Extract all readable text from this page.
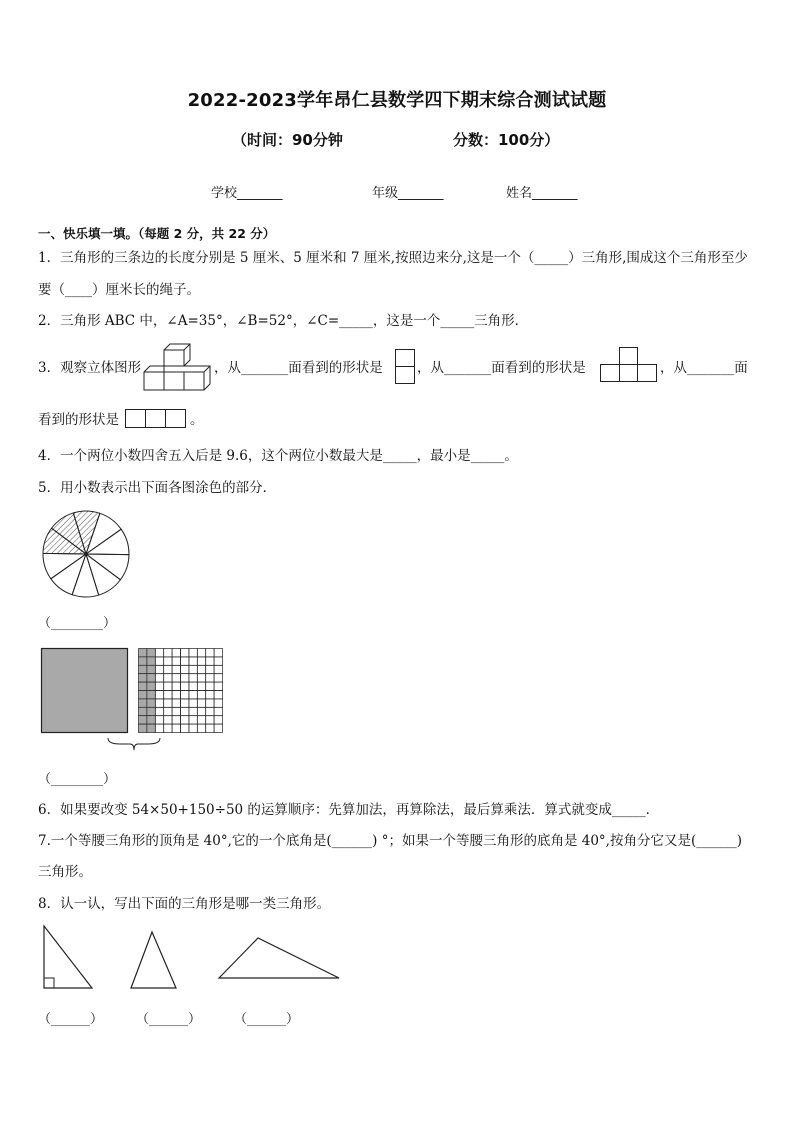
2022-2023学年昂仁县数学四下期末综合测试试题
（时间：90分钟	分数：100分）
学校_______	年级_______	姓名_______
一、快乐填一填。（每题 2 分，共 22 分）
1．三角形的三条边的长度分别是 5 厘米、5 厘米和 7 厘米,按照边来分,这是一个（_____）三角形,围成这个三角形至少
要（____）厘米长的绳子。
2．三角形 ABC 中，∠A=35°，∠B=52°，∠C=_____，这是一个_____三角形．
3．观察立体图形	，从_______面看到的形状是	，从_______面看到的形状是	，从_______面
看到的形状是	。
4．一个两位小数四舍五入后是 9.6，这个两位小数最大是_____，最小是_____。
5．用小数表示出下面各图涂色的部分．
（________）
（________）
6．如果要改变 54×50+150÷50 的运算顺序：先算加法，再算除法，最后算乘法．算式就变成_____．
7.一个等腰三角形的顶角是 40°,它的一个底角是(______) °；如果一个等腰三角形的底角是 40°,按角分它又是(______)
三角形。
8．认一认，写出下面的三角形是哪一类三角形。
（______）	（______）	（______）
